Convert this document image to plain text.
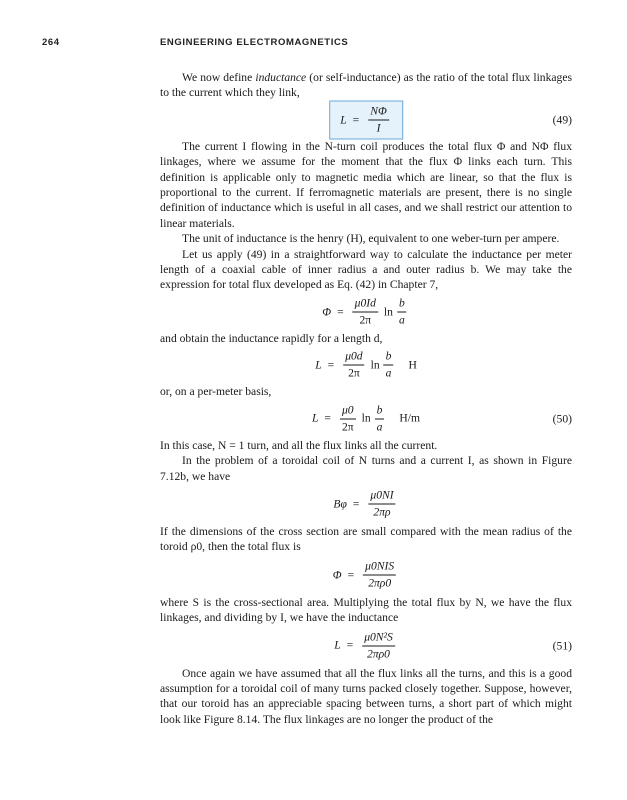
264	ENGINEERING ELECTROMAGNETICS

We now define inductance (or self-inductance) as the ratio of the total flux linkages to the current which they link,

$L = \frac{N\Phi}{I}$	(49)

The current I flowing in the N-turn coil produces the total flux Φ and NΦ flux linkages, where we assume for the moment that the flux Φ links each turn. This definition is applicable only to magnetic media which are linear, so that the flux is proportional to the current. If ferromagnetic materials are present, there is no single definition of inductance which is useful in all cases, and we shall restrict our attention to linear materials.

The unit of inductance is the henry (H), equivalent to one weber-turn per ampere.

Let us apply (49) in a straightforward way to calculate the inductance per meter length of a coaxial cable of inner radius a and outer radius b. We may take the expression for total flux developed as Eq. (42) in Chapter 7,

$\Phi = \frac{\mu 0Id}{2\pi}$ $\ln \frac{b}{a}$

and obtain the inductance rapidly for a length d,

$L = \frac{\mu 0d}{2\pi}$ $\ln \frac{b}{a}$ H

or, on a per-meter basis,

$L = \frac{\mu 0}{2\pi}$ $\ln \frac{b}{a} H/m$	(50)

In this case, N = 1 turn, and all the flux links all the current.

In the problem of a toroidal coil of N turns and a current I, as shown in Figure 7.12b, we have

$B\varphi = \frac{\mu 0NI}{2\pi\rho}$

If the dimensions of the cross section are small compared with the mean radius of the toroid ρ0, then the total flux is

$\Phi = \frac{\text{μ0NIS}}{2\pi\rho 0}$

where S is the cross-sectional area. Multiplying the total flux by N, we have the flux linkages, and dividing by I, we have the inductance

$L = \frac{\text{μ0N²S}}{2\pi\rho 0}$	(51)

Once again we have assumed that all the flux links all the turns, and this is a good assumption for a toroidal coil of many turns packed closely together. Suppose, however, that our toroid has an appreciable spacing between turns, a short part of which might look like Figure 8.14. The flux linkages are no longer the product of the
